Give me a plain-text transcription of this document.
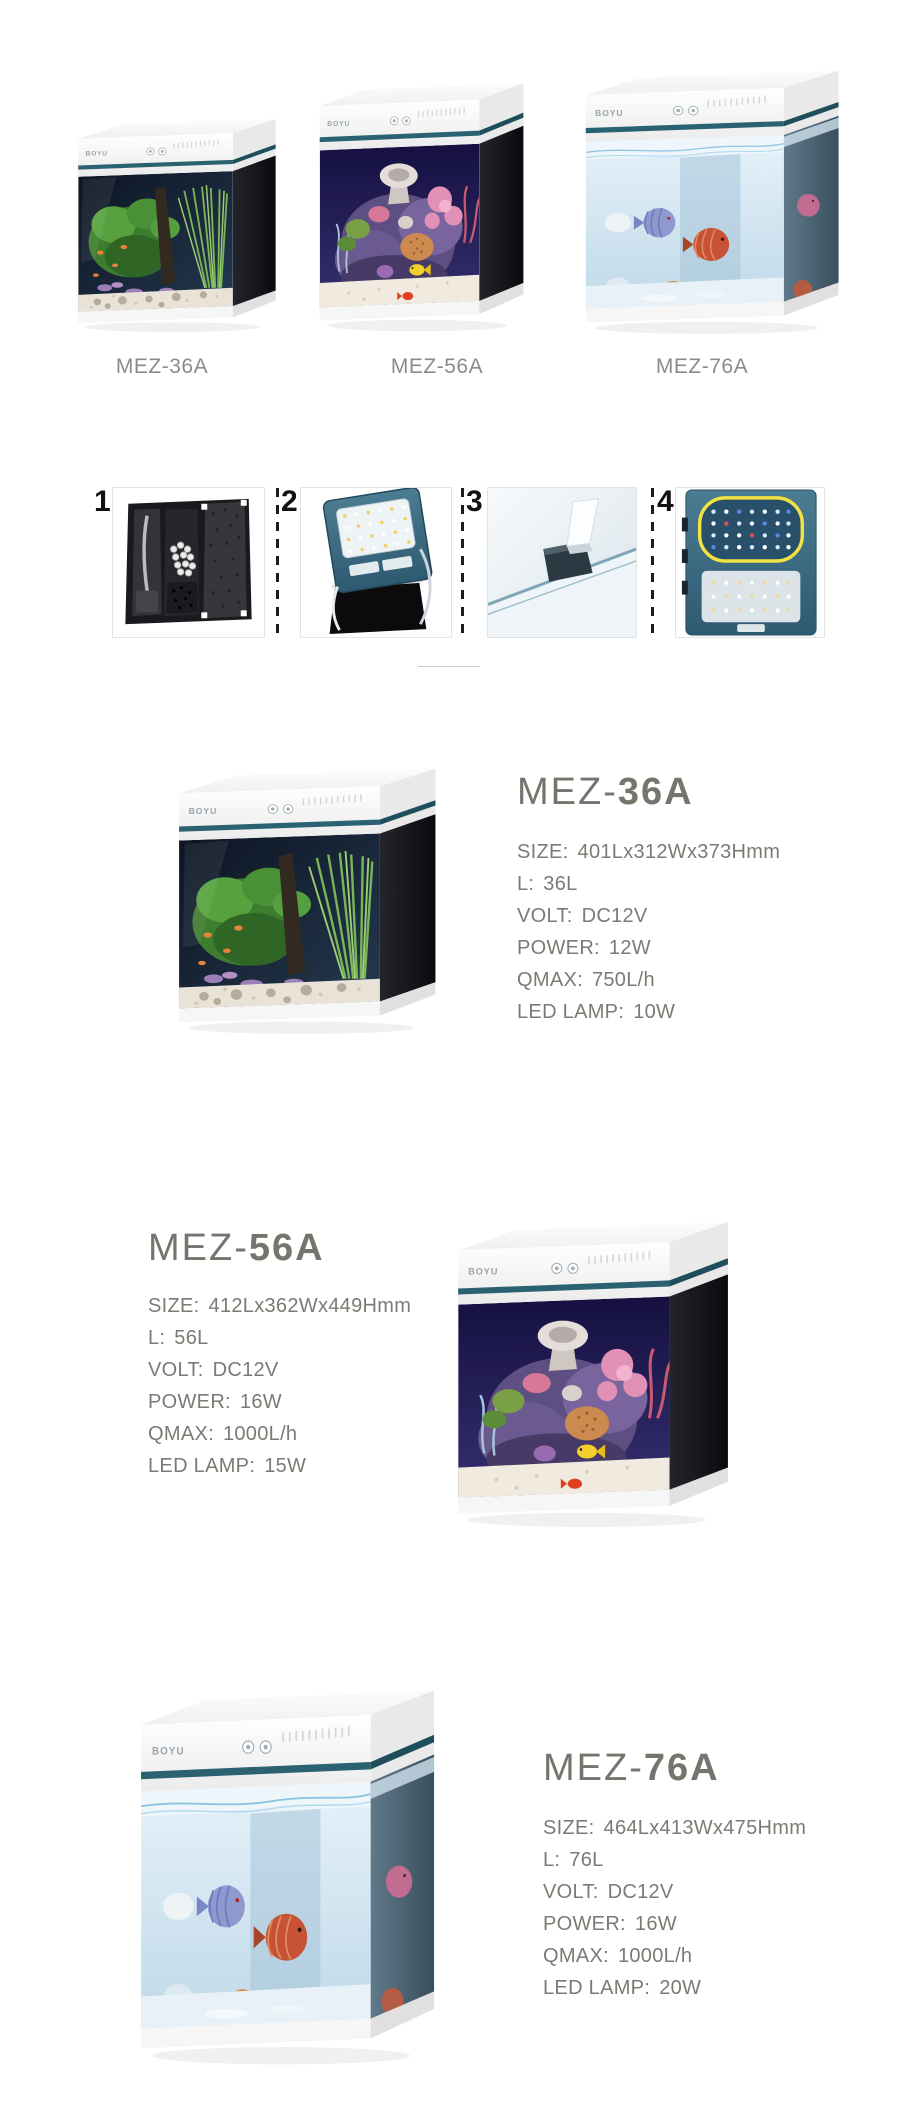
BOYU
BOYU
BOYU
MEZ-36A	MEZ-56A	MEZ-76A
1	2	3	4
BOYU	MEZ-36A
SIZE: 401Lx312Wx373Hmm
L: 36L
VOLT: DC12V
POWER: 12W
QMAX: 750L/h
LED LAMP: 10W
MEZ-56A
SIZE: 412Lx362Wx449Hmm
L: 56L
VOLT: DC12V
POWER: 16W
QMAX: 1000L/h
LED LAMP: 15W
BOYU
BOYU	MEZ-76A
SIZE: 464Lx413Wx475Hmm
L: 76L
VOLT: DC12V
POWER: 16W
QMAX: 1000L/h
LED LAMP: 20W
